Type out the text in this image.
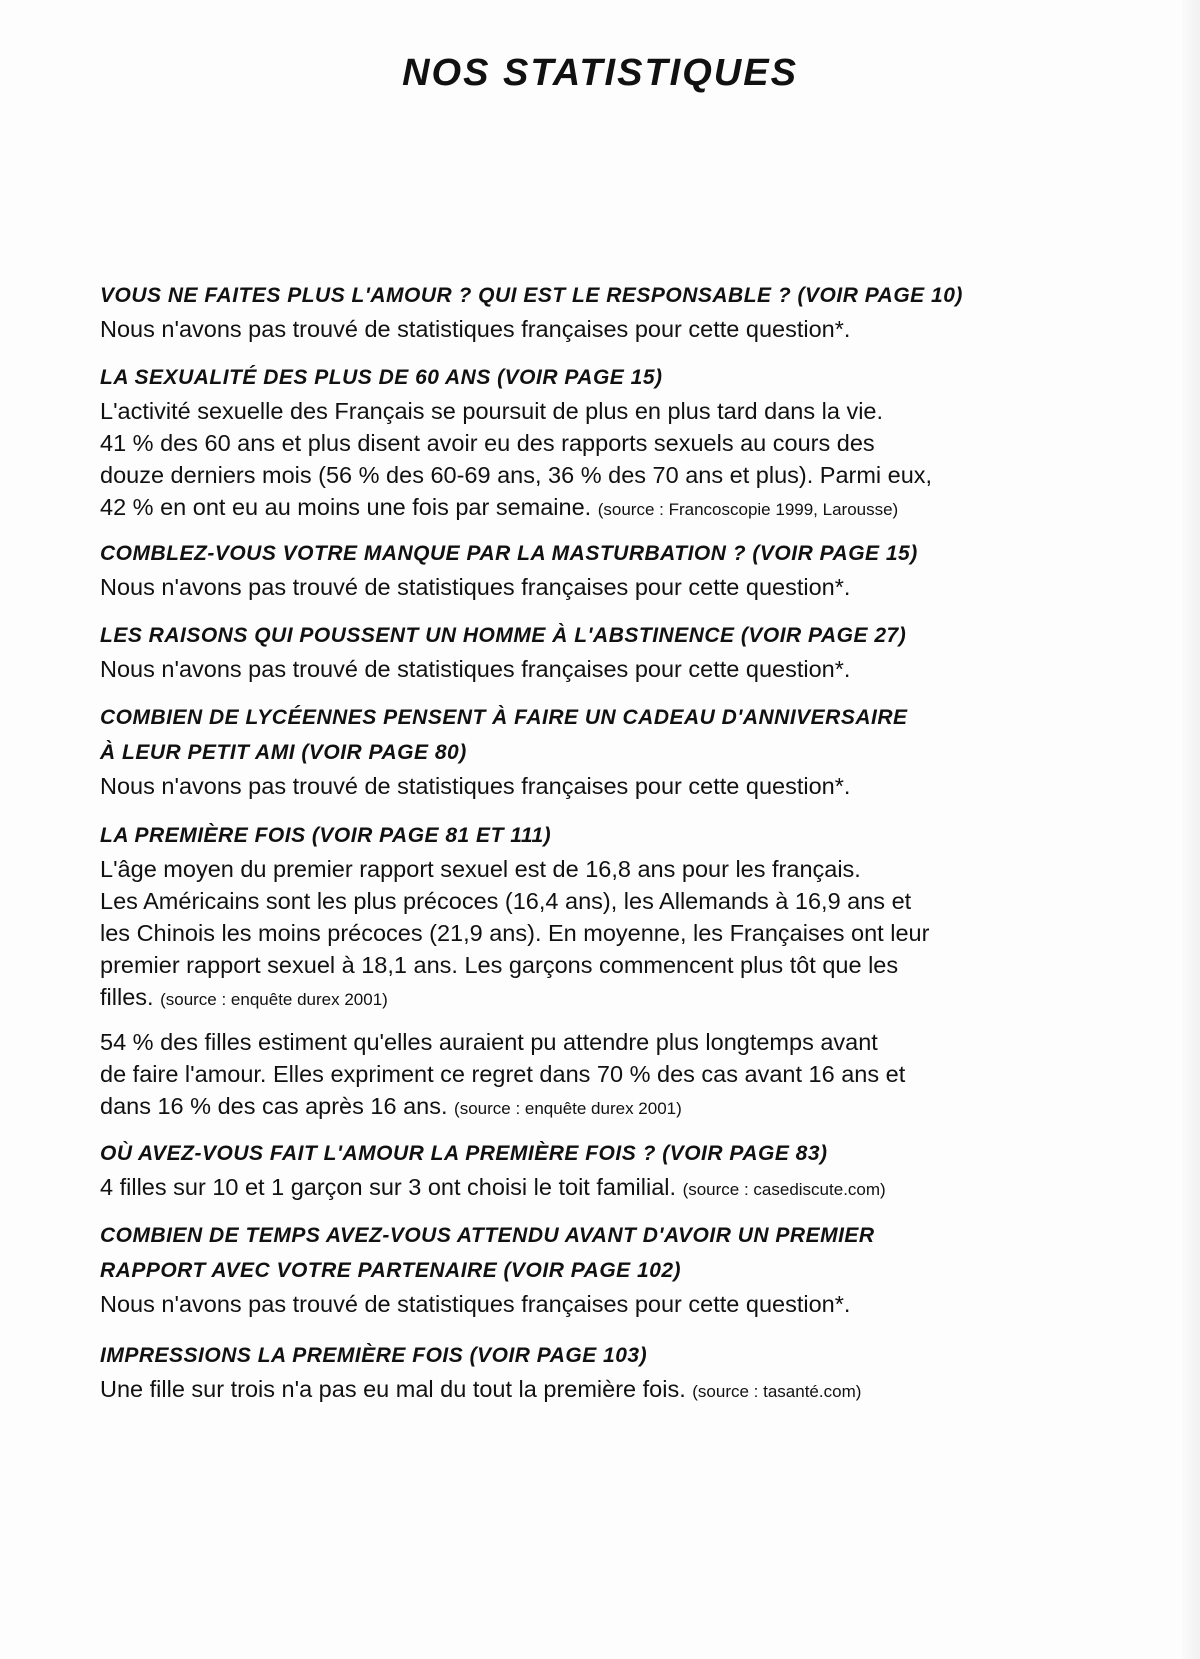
NOS STATISTIQUES
VOUS NE FAITES PLUS L'AMOUR ? QUI EST LE RESPONSABLE ? (VOIR PAGE 10)
Nous n'avons pas trouvé de statistiques françaises pour cette question*.
LA SEXUALITÉ DES PLUS DE 60 ANS (VOIR PAGE 15)
L'activité sexuelle des Français se poursuit de plus en plus tard dans la vie.
41 % des 60 ans et plus disent avoir eu des rapports sexuels au cours des
douze derniers mois (56 % des 60-69 ans, 36 % des 70 ans et plus). Parmi eux,
42 % en ont eu au moins une fois par semaine. (source : Francoscopie 1999, Larousse)
COMBLEZ-VOUS VOTRE MANQUE PAR LA MASTURBATION ? (VOIR PAGE 15)
Nous n'avons pas trouvé de statistiques françaises pour cette question*.
LES RAISONS QUI POUSSENT UN HOMME À L'ABSTINENCE (VOIR PAGE 27)
Nous n'avons pas trouvé de statistiques françaises pour cette question*.
COMBIEN DE LYCÉENNES PENSENT À FAIRE UN CADEAU D'ANNIVERSAIRE
À LEUR PETIT AMI (VOIR PAGE 80)
Nous n'avons pas trouvé de statistiques françaises pour cette question*.
LA PREMIÈRE FOIS (VOIR PAGE 81 ET 111)
L'âge moyen du premier rapport sexuel est de 16,8 ans pour les français.
Les Américains sont les plus précoces (16,4 ans), les Allemands à 16,9 ans et
les Chinois les moins précoces (21,9 ans). En moyenne, les Françaises ont leur
premier rapport sexuel à 18,1 ans. Les garçons commencent plus tôt que les
filles. (source : enquête durex 2001)
54 % des filles estiment qu'elles auraient pu attendre plus longtemps avant
de faire l'amour. Elles expriment ce regret dans 70 % des cas avant 16 ans et
dans 16 % des cas après 16 ans. (source : enquête durex 2001)
OÙ AVEZ-VOUS FAIT L'AMOUR LA PREMIÈRE FOIS ? (VOIR PAGE 83)
4 filles sur 10 et 1 garçon sur 3 ont choisi le toit familial. (source : casediscute.com)
COMBIEN DE TEMPS AVEZ-VOUS ATTENDU AVANT D'AVOIR UN PREMIER
RAPPORT AVEC VOTRE PARTENAIRE (VOIR PAGE 102)
Nous n'avons pas trouvé de statistiques françaises pour cette question*.
IMPRESSIONS LA PREMIÈRE FOIS (VOIR PAGE 103)
Une fille sur trois n'a pas eu mal du tout la première fois. (source : tasanté.com)
